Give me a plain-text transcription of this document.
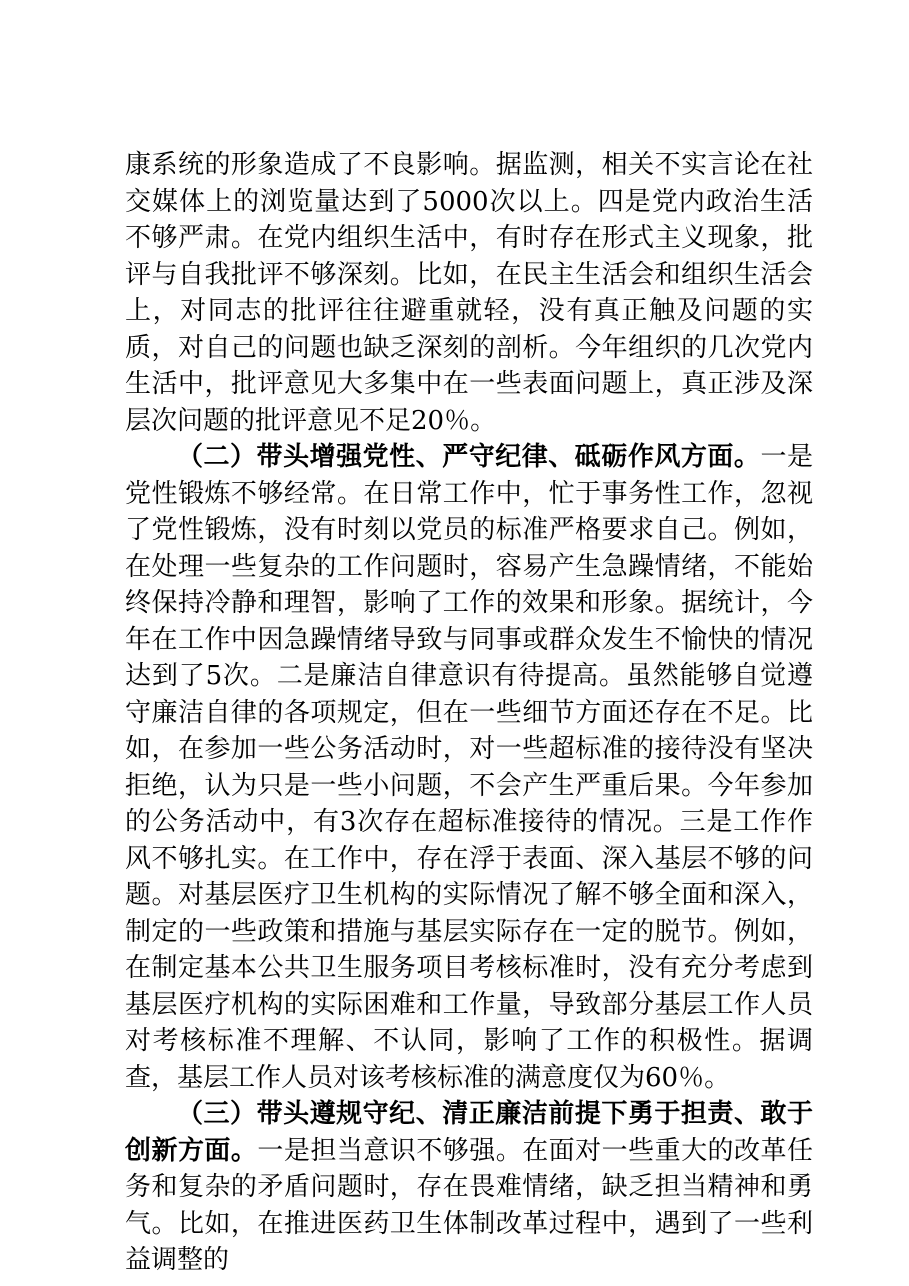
康系统的形象造成了不良影响。据监测，相关不实言论在社交媒体上的浏览量达到了5000次以上。四是党内政治生活不够严肃。在党内组织生活中，有时存在形式主义现象，批评与自我批评不够深刻。比如，在民主生活会和组织生活会上，对同志的批评往往避重就轻，没有真正触及问题的实质，对自己的问题也缺乏深刻的剖析。今年组织的几次党内生活中，批评意见大多集中在一些表面问题上，真正涉及深层次问题的批评意见不足20％。

（二）带头增强党性、严守纪律、砥砺作风方面。一是党性锻炼不够经常。在日常工作中，忙于事务性工作，忽视了党性锻炼，没有时刻以党员的标准严格要求自己。例如，在处理一些复杂的工作问题时，容易产生急躁情绪，不能始终保持冷静和理智，影响了工作的效果和形象。据统计，今年在工作中因急躁情绪导致与同事或群众发生不愉快的情况达到了5次。二是廉洁自律意识有待提高。虽然能够自觉遵守廉洁自律的各项规定，但在一些细节方面还存在不足。比如，在参加一些公务活动时，对一些超标准的接待没有坚决拒绝，认为只是一些小问题，不会产生严重后果。今年参加的公务活动中，有3次存在超标准接待的情况。三是工作作风不够扎实。在工作中，存在浮于表面、深入基层不够的问题。对基层医疗卫生机构的实际情况了解不够全面和深入，制定的一些政策和措施与基层实际存在一定的脱节。例如，在制定基本公共卫生服务项目考核标准时，没有充分考虑到基层医疗机构的实际困难和工作量，导致部分基层工作人员对考核标准不理解、不认同，影响了工作的积极性。据调查，基层工作人员对该考核标准的满意度仅为60％。

（三）带头遵规守纪、清正廉洁前提下勇于担责、敢于创新方面。一是担当意识不够强。在面对一些重大的改革任务和复杂的矛盾问题时，存在畏难情绪，缺乏担当精神和勇气。比如，在推进医药卫生体制改革过程中，遇到了一些利益调整的
